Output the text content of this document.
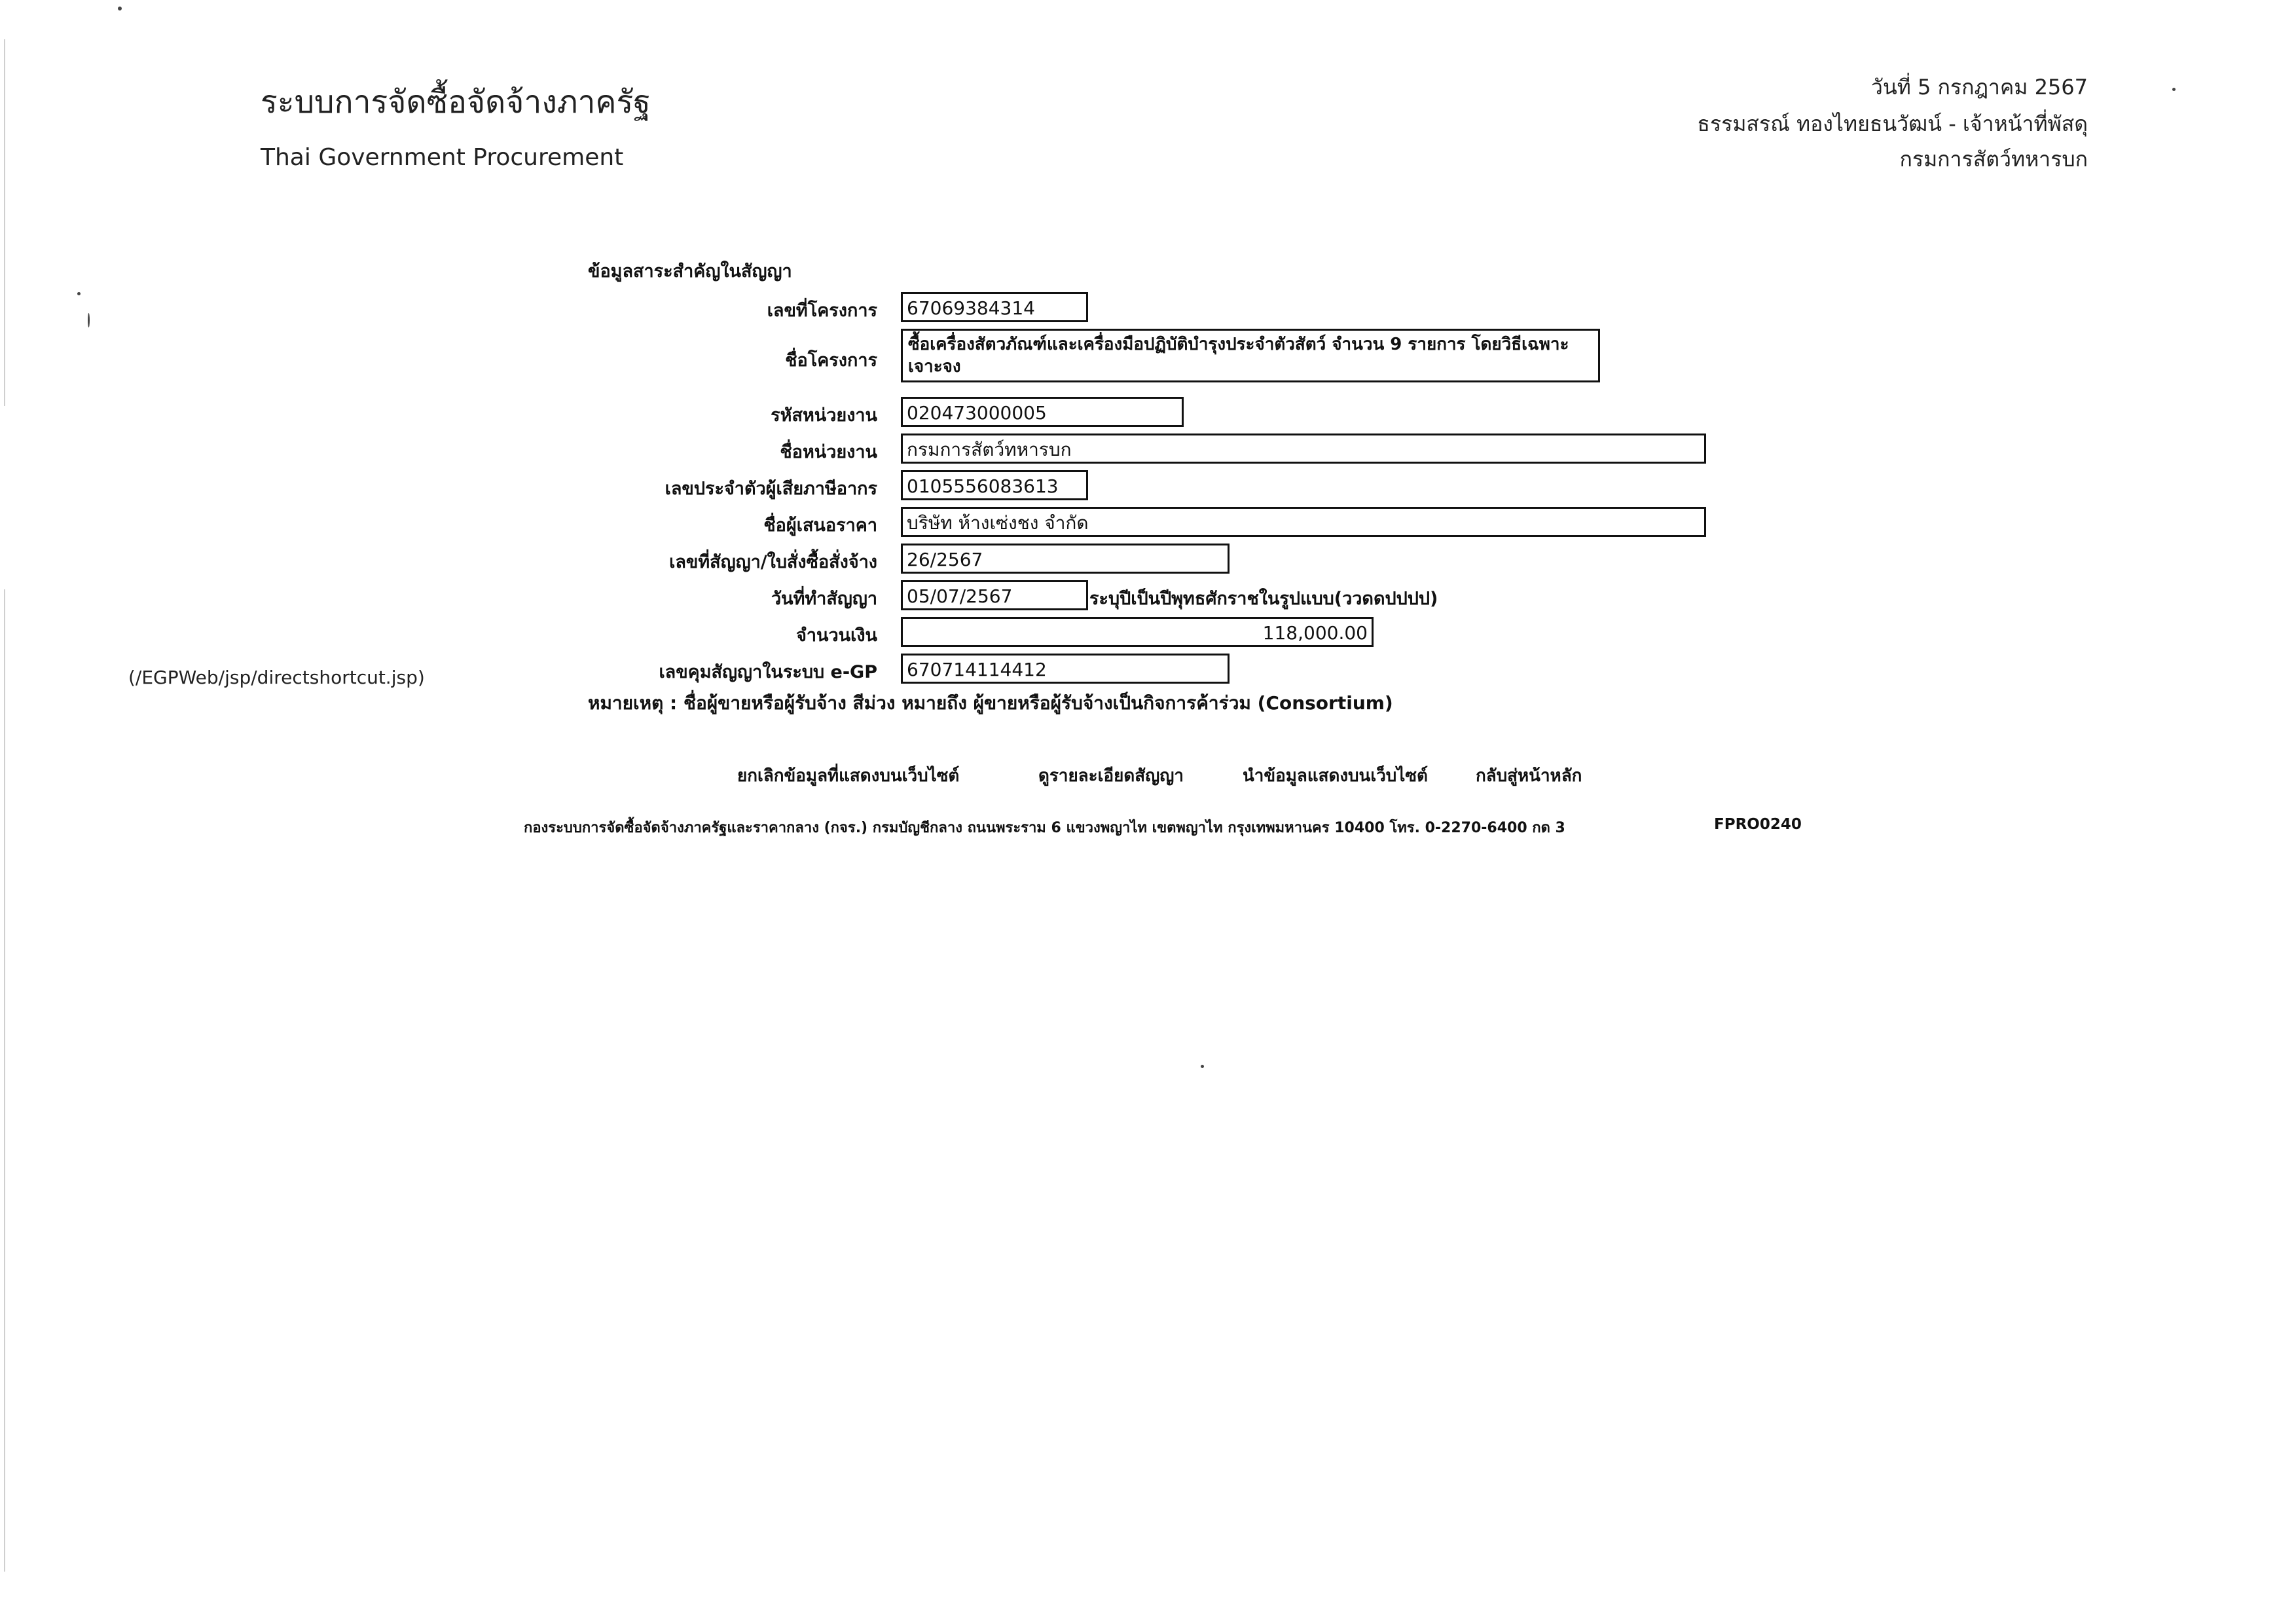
ระบบการจัดซื้อจัดจ้างภาครัฐ
Thai Government Procurement
วันที่ 5 กรกฎาคม 2567
ธรรมสรณ์ ทองไทยธนวัฒน์ - เจ้าหน้าที่พัสดุ
กรมการสัตว์ทหารบก
ข้อมูลสาระสำคัญในสัญญา
เลขที่โครงการ	67069384314
ชื่อโครงการ
ซื้อเครื่องสัตวภัณฑ์และเครื่องมือปฏิบัติบำรุงประจำตัวสัตว์ จำนวน 9 รายการ โดยวิธีเฉพาะเจาะจง
รหัสหน่วยงาน	020473000005
ชื่อหน่วยงาน	กรมการสัตว์ทหารบก
เลขประจำตัวผู้เสียภาษีอากร	0105556083613
ชื่อผู้เสนอราคา	บริษัท ห้างเซ่งชง จำกัด
เลขที่สัญญา/ใบสั่งซื้อสั่งจ้าง	26/2567
วันที่ทำสัญญา	05/07/2567	ระบุปีเป็นปีพุทธศักราชในรูปแบบ(ววดดปปปป)
จำนวนเงิน	118,000.00
เลขคุมสัญญาในระบบ e-GP	670714114412
(/EGPWeb/jsp/directshortcut.jsp)
หมายเหตุ : ชื่อผู้ขายหรือผู้รับจ้าง สีม่วง หมายถึง ผู้ขายหรือผู้รับจ้างเป็นกิจการค้าร่วม (Consortium)
ยกเลิกข้อมูลที่แสดงบนเว็บไซต์	ดูรายละเอียดสัญญา	นำข้อมูลแสดงบนเว็บไซต์	กลับสู่หน้าหลัก
กองระบบการจัดซื้อจัดจ้างภาครัฐและราคากลาง (กจร.) กรมบัญชีกลาง ถนนพระราม 6 แขวงพญาไท เขตพญาไท กรุงเทพมหานคร 10400 โทร. 0-2270-6400 กด 3	FPRO0240
